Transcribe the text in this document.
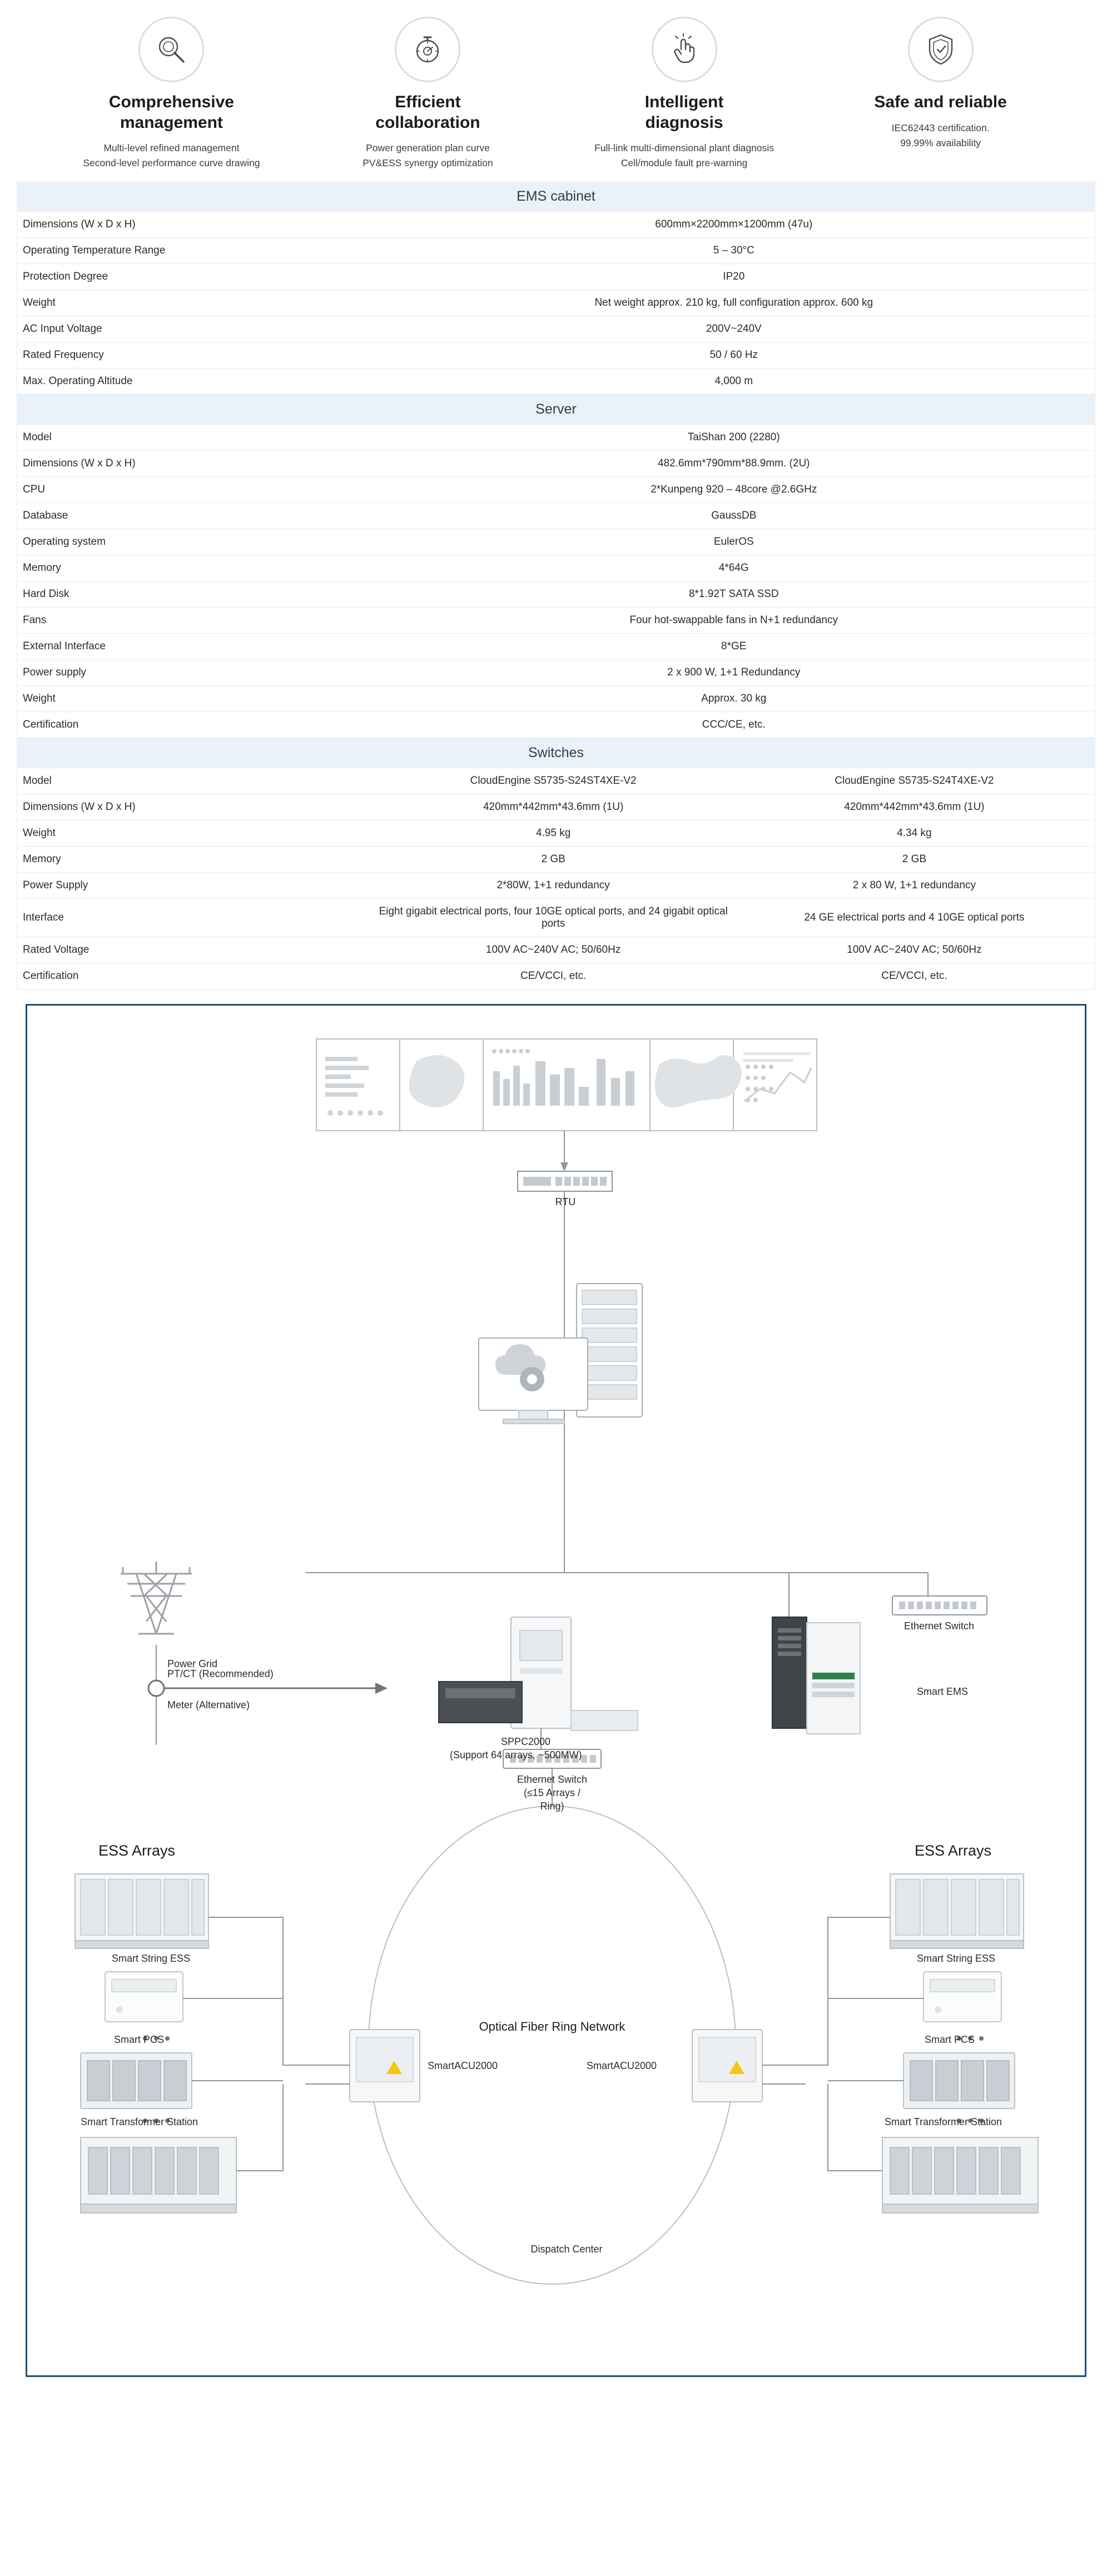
Comprehensive
management

Multi-level refined management

Second-level performance curve drawing

Efficient
collaboration

Power generation plan curve

PV&ESS synergy optimization

Intelligent
diagnosis

Full-link multi-dimensional plant diagnosis

Cell/module fault pre-warning

Safe and reliable

IEC62443 certification.

99.99% availability

EMS cabinet
Dimensions (W x D x H)	600mm×2200mm×1200mm (47u)
Operating Temperature Range	5 – 30°C
Protection Degree	IP20
Weight	Net weight approx. 210 kg, full configuration approx. 600 kg
AC Input Voltage	200V~240V
Rated Frequency	50 / 60 Hz
Max. Operating Altitude	4,000 m
Server
Model	TaiShan 200 (2280)
Dimensions (W x D x H)	482.6mm*790mm*88.9mm. (2U)
CPU	2*Kunpeng 920 – 48core @2.6GHz
Database	GaussDB
Operating system	EulerOS
Memory	4*64G
Hard Disk	8*1.92T SATA SSD
Fans	Four hot-swappable fans in N+1 redundancy
External Interface	8*GE
Power supply	2 x 900 W, 1+1 Redundancy
Weight	Approx. 30 kg
Certification	CCC/CE, etc.
Switches
Model	CloudEngine S5735-S24ST4XE-V2	CloudEngine S5735-S24T4XE-V2
Dimensions (W x D x H)	420mm*442mm*43.6mm (1U)	420mm*442mm*43.6mm (1U)
Weight	4.95 kg	4.34 kg
Memory	2 GB	2 GB
Power Supply	2*80W, 1+1 redundancy	2 x 80 W, 1+1 redundancy
Interface	Eight gigabit electrical ports, four 10GE optical ports, and 24 gigabit optical ports	24 GE electrical ports and 4 10GE optical ports
Rated Voltage	100V AC~240V AC; 50/60Hz	100V AC~240V AC; 50/60Hz
Certification	CE/VCCI, etc.	CE/VCCI, etc.
Dispatch Center
RTU
Ethernet Switch
Smart EMS
Power Grid
PT/CT (Recommended)
Meter (Alternative)
SPPC2000
(Support 64 arrays, ~500MW)
Ethernet Switch
(≤15 Arrays /
Ring)
ESS Arrays	ESS Arrays
Smart String ESS	Smart String ESS
Smart PCS	Smart PCS
Smart Transformer Station	Smart Transformer Station
SmartACU2000	SmartACU2000
Optical Fiber Ring Network
